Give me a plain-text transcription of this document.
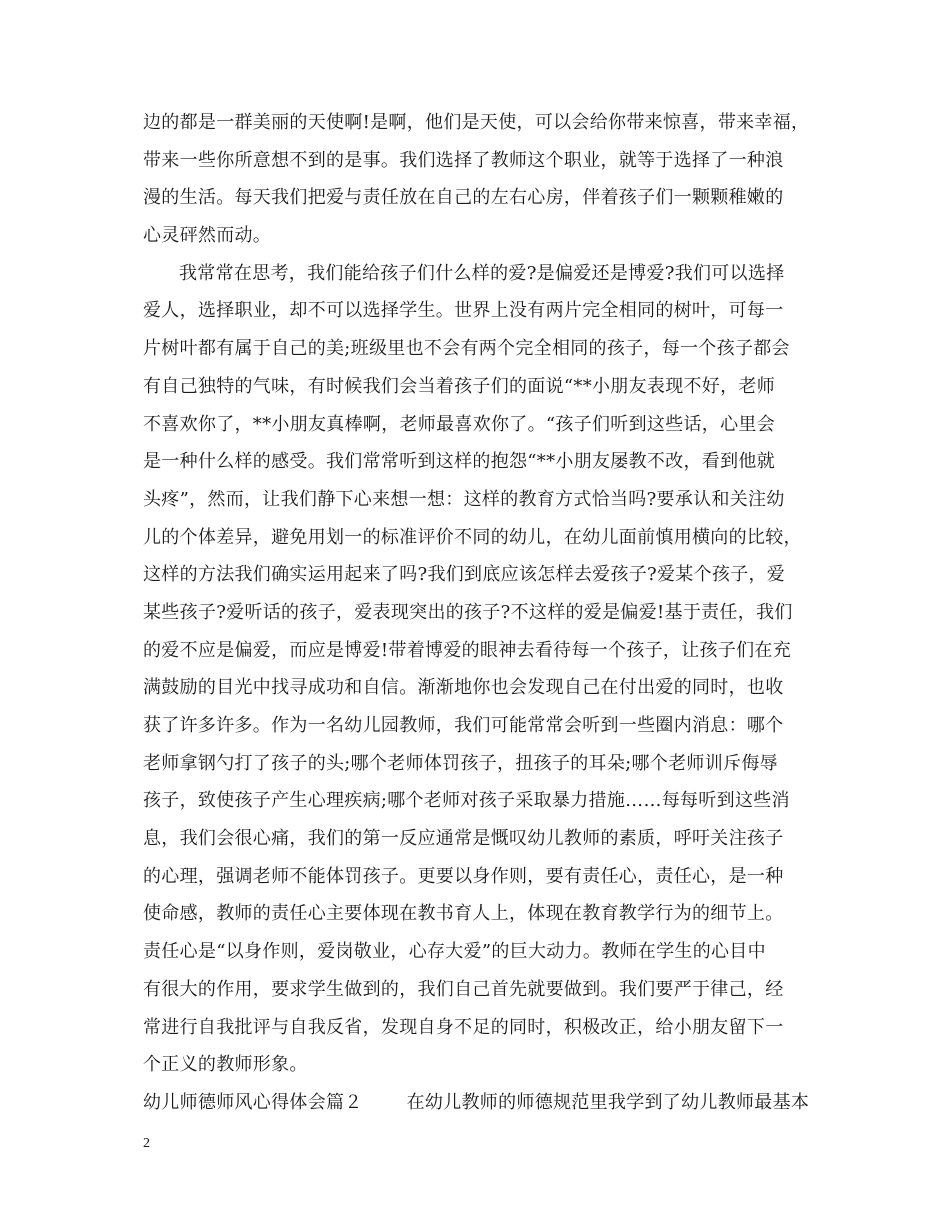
边的都是一群美丽的天使啊!是啊，他们是天使，可以会给你带来惊喜，带来幸福，
带来一些你所意想不到的是事。我们选择了教师这个职业，就等于选择了一种浪
漫的生活。每天我们把爱与责任放在自己的左右心房，伴着孩子们一颗颗稚嫩的
心灵砰然而动。
我常常在思考，我们能给孩子们什么样的爱?是偏爱还是博爱?我们可以选择
爱人，选择职业，却不可以选择学生。世界上没有两片完全相同的树叶，可每一
片树叶都有属于自己的美;班级里也不会有两个完全相同的孩子，每一个孩子都会
有自己独特的气味，有时候我们会当着孩子们的面说“**小朋友表现不好，老师
不喜欢你了，**小朋友真棒啊，老师最喜欢你了。“孩子们听到这些话，心里会
是一种什么样的感受。我们常常听到这样的抱怨“**小朋友屡教不改，看到他就
头疼”，然而，让我们静下心来想一想：这样的教育方式恰当吗?要承认和关注幼
儿的个体差异，避免用划一的标准评价不同的幼儿，在幼儿面前慎用横向的比较，
这样的方法我们确实运用起来了吗?我们到底应该怎样去爱孩子?爱某个孩子，爱
某些孩子?爱听话的孩子，爱表现突出的孩子?不这样的爱是偏爱!基于责任，我们
的爱不应是偏爱，而应是博爱!带着博爱的眼神去看待每一个孩子，让孩子们在充
满鼓励的目光中找寻成功和自信。渐渐地你也会发现自己在付出爱的同时，也收
获了许多许多。作为一名幼儿园教师，我们可能常常会听到一些圈内消息：哪个
老师拿钢勺打了孩子的头;哪个老师体罚孩子，扭孩子的耳朵;哪个老师训斥侮辱
孩子，致使孩子产生心理疾病;哪个老师对孩子采取暴力措施……每每听到这些消
息，我们会很心痛，我们的第一反应通常是慨叹幼儿教师的素质，呼吁关注孩子
的心理，强调老师不能体罚孩子。更要以身作则，要有责任心，责任心，是一种
使命感，教师的责任心主要体现在教书育人上，体现在教育教学行为的细节上。
责任心是“以身作则，爱岗敬业，心存大爱”的巨大动力。教师在学生的心目中
有很大的作用，要求学生做到的，我们自己首先就要做到。我们要严于律己，经
常进行自我批评与自我反省，发现自身不足的同时，积极改正，给小朋友留下一
个正义的教师形象。
幼儿师德师风心得体会篇２ 在幼儿教师的师德规范里我学到了幼儿教师最基本
2
